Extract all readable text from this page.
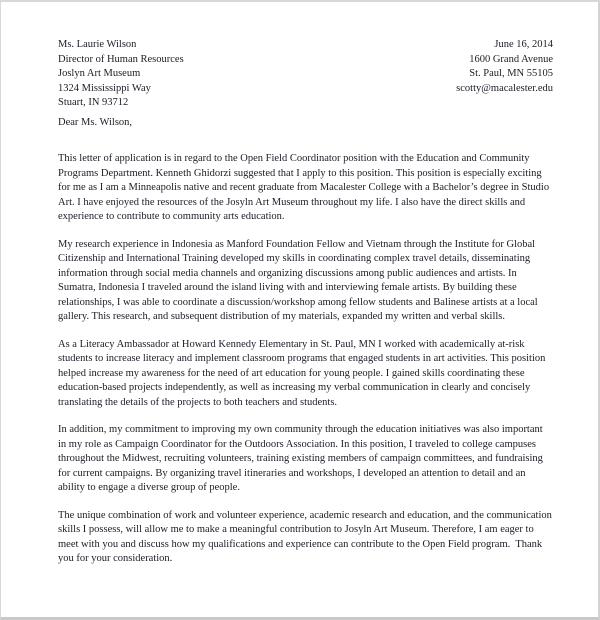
Ms. Laurie Wilson
Director of Human Resources
Joslyn Art Museum
1324 Mississippi Way
Stuart, IN 93712
June 16, 2014
1600 Grand Avenue
St. Paul, MN 55105
scotty@macalester.edu
Dear Ms. Wilson,

This letter of application is in regard to the Open Field Coordinator position with the Education and Community Programs Department. Kenneth Ghidorzi suggested that I apply to this position. This position is especially exciting for me as I am a Minneapolis native and recent graduate from Macalester College with a Bachelor’s degree in Studio Art. I have enjoyed the resources of the Josyln Art Museum throughout my life. I also have the direct skills and experience to contribute to community arts education.

My research experience in Indonesia as Manford Foundation Fellow and Vietnam through the Institute for Global Citizenship and International Training developed my skills in coordinating complex travel details, disseminating information through social media channels and organizing discussions among public audiences and artists. In Sumatra, Indonesia I traveled around the island living with and interviewing female artists. By building these relationships, I was able to coordinate a discussion/workshop among fellow students and Balinese artists at a local gallery. This research, and subsequent distribution of my materials, expanded my written and verbal skills.

As a Literacy Ambassador at Howard Kennedy Elementary in St. Paul, MN I worked with academically at-risk students to increase literacy and implement classroom programs that engaged students in art activities. This position helped increase my awareness for the need of art education for young people. I gained skills coordinating these education-based projects independently, as well as increasing my verbal communication in clearly and concisely translating the details of the projects to both teachers and students.

In addition, my commitment to improving my own community through the education initiatives was also important in my role as Campaign Coordinator for the Outdoors Association. In this position, I traveled to college campuses throughout the Midwest, recruiting volunteers, training existing members of campaign committees, and fundraising for current campaigns. By organizing travel itineraries and workshops, I developed an attention to detail and an ability to engage a diverse group of people.

The unique combination of work and volunteer experience, academic research and education, and the communication skills I possess, will allow me to make a meaningful contribution to Josyln Art Museum. Therefore, I am eager to meet with you and discuss how my qualifications and experience can contribute to the Open Field program.  Thank you for your consideration.
